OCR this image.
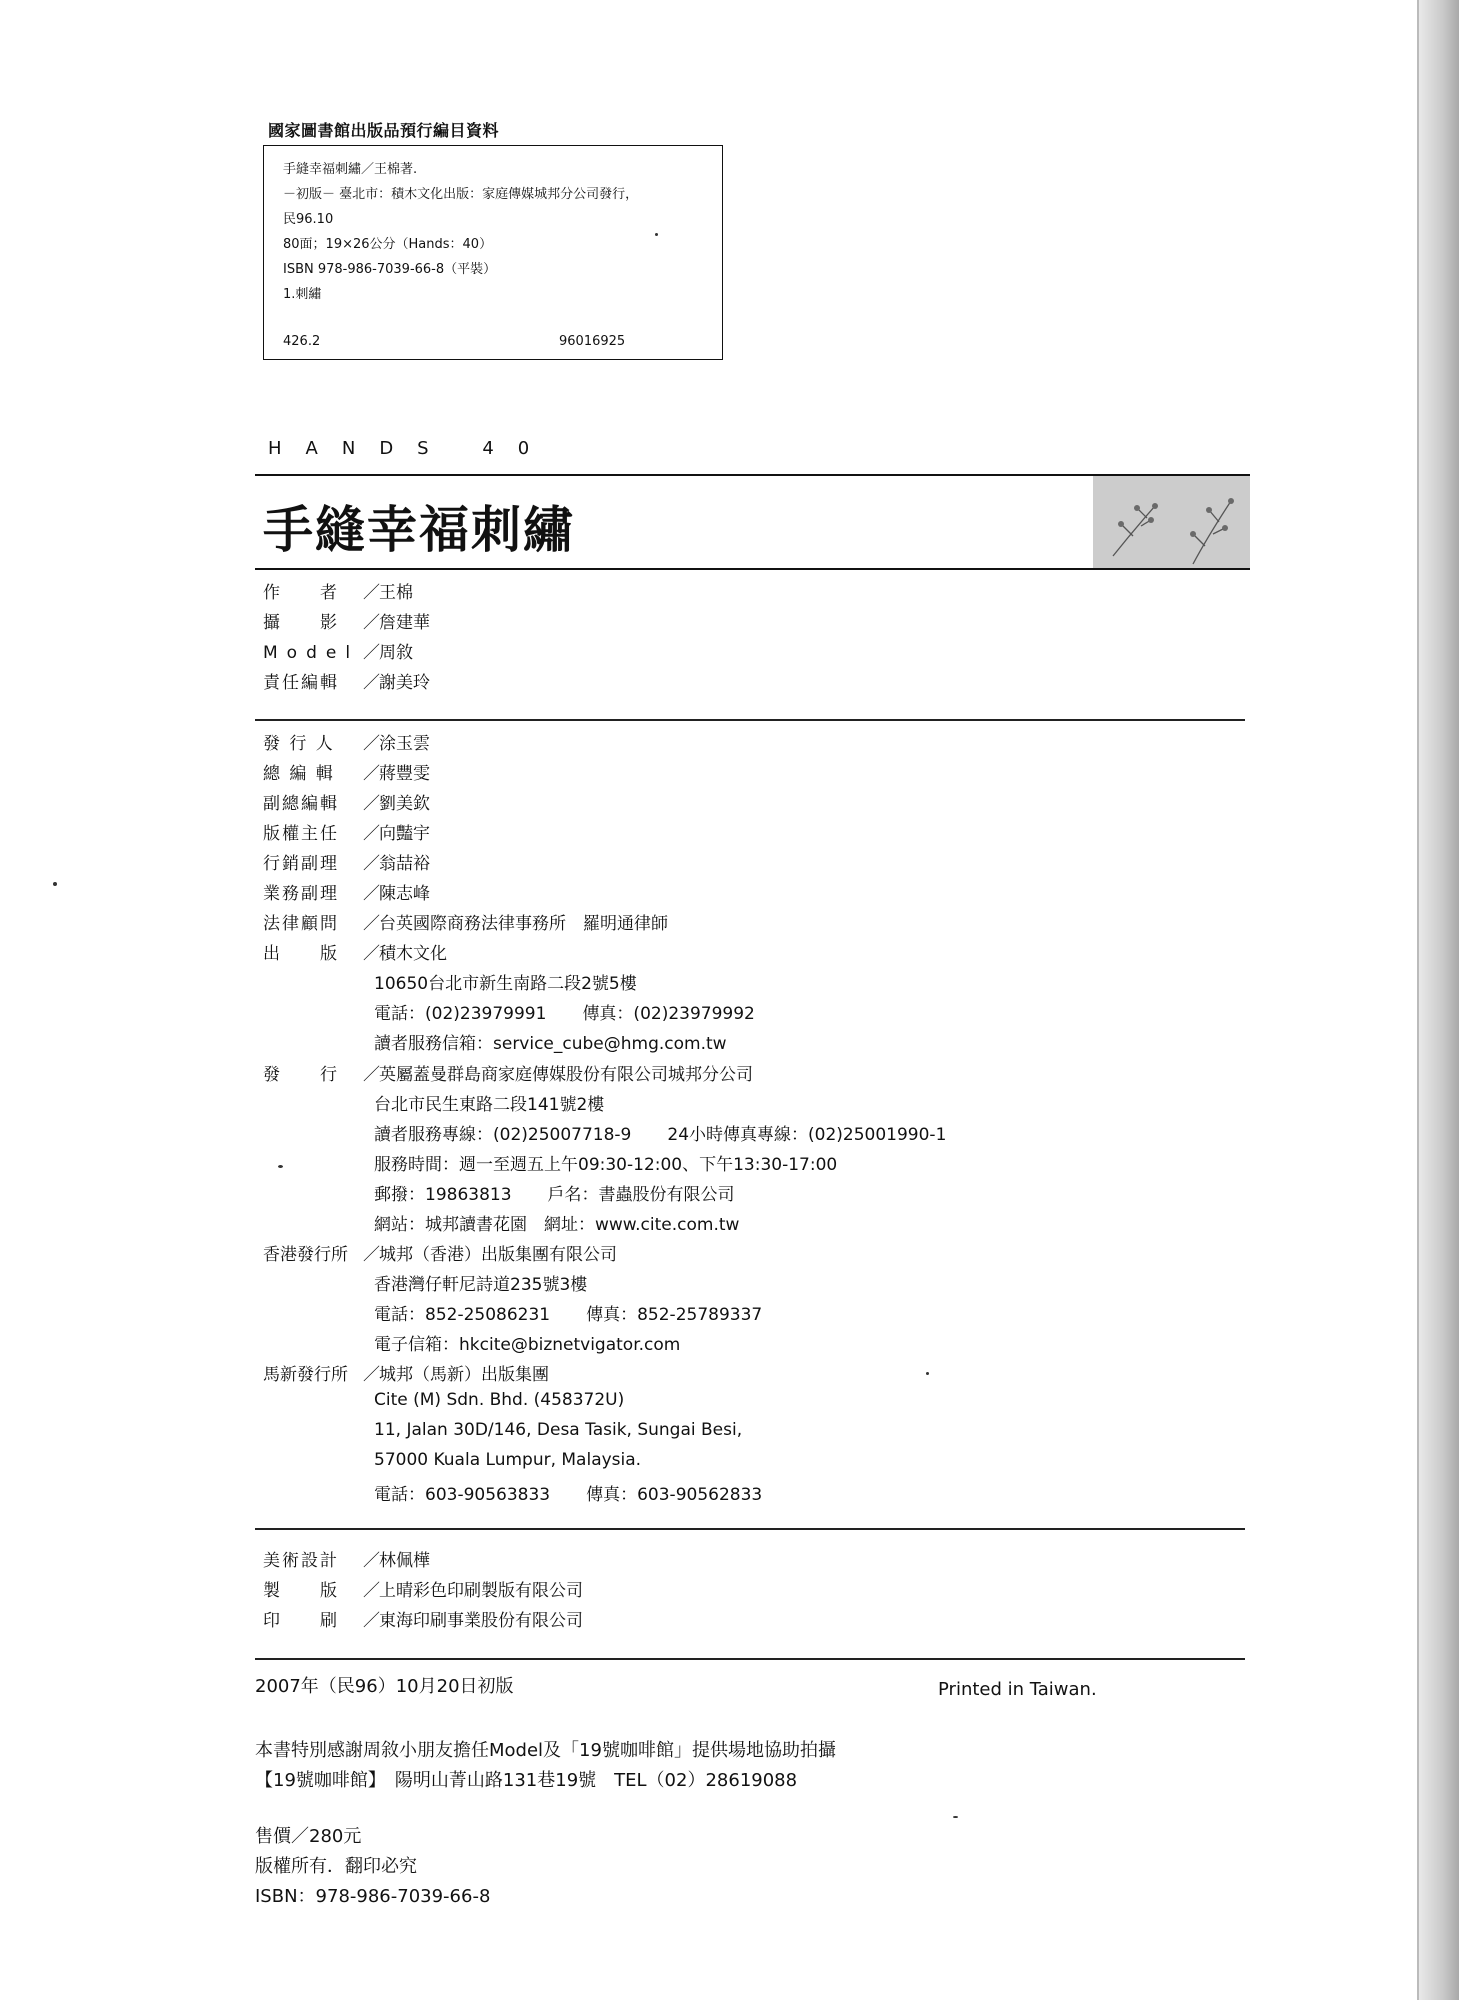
國家圖書館出版品預行編目資料
手縫幸福刺繡／王棉著.
－初版－ 臺北市：積木文化出版：家庭傳媒城邦分公司發行，
民96.10
80面；19×26公分（Hands：40）
ISBN 978-986-7039-66-8（平裝）
1.刺繡
426.2	96016925
HANDS 40
手縫幸福刺繡
作　　者 ／王棉
攝　　影 ／詹建華
Model ／周敘
責任編輯 ／謝美玲
發 行 人 ／涂玉雲
總 編 輯 ／蔣豐雯
副總編輯 ／劉美欽
版權主任 ／向豔宇
行銷副理 ／翁喆裕
業務副理 ／陳志峰
法律顧問 ／台英國際商務法律事務所　羅明通律師
出　　版 ／積木文化
10650台北市新生南路二段2號5樓
電話：(02)23979991 傳真：(02)23979992
讀者服務信箱：service_cube@hmg.com.tw
發　　行 ／英屬蓋曼群島商家庭傳媒股份有限公司城邦分公司
台北市民生東路二段141號2樓
讀者服務專線：(02)25007718-9 24小時傳真專線：(02)25001990-1
服務時間：週一至週五上午09:30-12:00、下午13:30-17:00
郵撥：19863813 戶名：書蟲股份有限公司
網站：城邦讀書花園　網址：www.cite.com.tw
香港發行所 ／城邦（香港）出版集團有限公司
香港灣仔軒尼詩道235號3樓
電話：852-25086231 傳真：852-25789337
電子信箱：hkcite@biznetvigator.com
馬新發行所 ／城邦（馬新）出版集團
Cite (M) Sdn. Bhd. (458372U)
11, Jalan 30D/146, Desa Tasik, Sungai Besi,
57000 Kuala Lumpur, Malaysia.
電話：603-90563833 傳真：603-90562833
美術設計 ／林佩樺
製　　版 ／上晴彩色印刷製版有限公司
印　　刷 ／東海印刷事業股份有限公司
2007年（民96）10月20日初版	Printed in Taiwan.
本書特別感謝周敘小朋友擔任Model及「19號咖啡館」提供場地協助拍攝
【19號咖啡館】　陽明山菁山路131巷19號　TEL（02）28619088
售價／280元
版權所有．翻印必究
ISBN：978-986-7039-66-8
